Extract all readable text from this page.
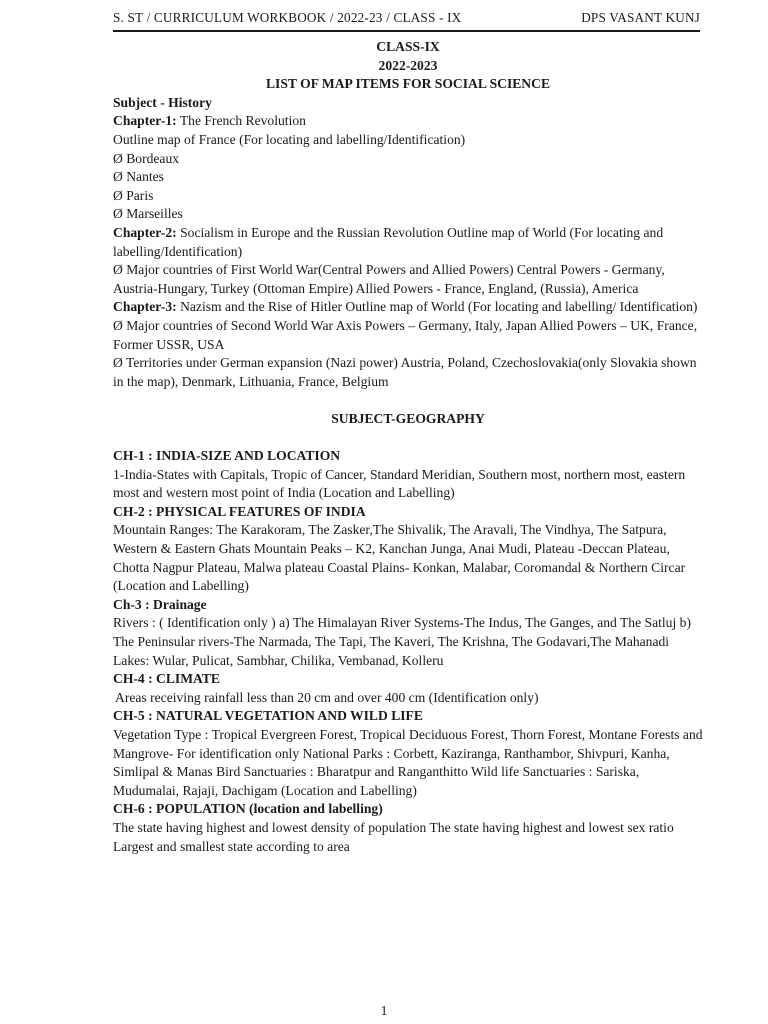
S. ST / CURRICULUM WORKBOOK / 2022-23 / CLASS - IX	DPS VASANT KUNJ

CLASS-IX

2022-2023

LIST OF MAP ITEMS FOR SOCIAL SCIENCE

Subject - History

Chapter-1: The French Revolution

Outline map of France (For locating and labelling/Identification)

Ø Bordeaux

Ø Nantes

Ø Paris

Ø Marseilles

Chapter-2: Socialism in Europe and the Russian Revolution Outline map of World (For locating and labelling/Identification)

Ø Major countries of First World War(Central Powers and Allied Powers) Central Powers - Germany, Austria-Hungary, Turkey (Ottoman Empire) Allied Powers - France, England, (Russia), America

Chapter-3: Nazism and the Rise of Hitler Outline map of World (For locating and labelling/ Identification)

Ø Major countries of Second World War Axis Powers – Germany, Italy, Japan Allied Powers – UK, France, Former USSR, USA

Ø Territories under German expansion (Nazi power) Austria, Poland, Czechoslovakia(only Slovakia shown in the map), Denmark, Lithuania, France, Belgium

SUBJECT-GEOGRAPHY

CH-1 : INDIA-SIZE AND LOCATION

1-India-States with Capitals, Tropic of Cancer, Standard Meridian, Southern most, northern most, eastern most and western most point of India (Location and Labelling)

CH-2 : PHYSICAL FEATURES OF INDIA

Mountain Ranges: The Karakoram, The Zasker,The Shivalik, The Aravali, The Vindhya, The Satpura, Western & Eastern Ghats Mountain Peaks – K2, Kanchan Junga, Anai Mudi, Plateau -Deccan Plateau, Chotta Nagpur Plateau, Malwa plateau Coastal Plains- Konkan, Malabar, Coromandal & Northern Circar (Location and Labelling)

Ch-3 : Drainage

Rivers : ( Identification only ) a) The Himalayan River Systems-The Indus, The Ganges, and The Satluj b) The Peninsular rivers-The Narmada, The Tapi, The Kaveri, The Krishna, The Godavari,The Mahanadi Lakes: Wular, Pulicat, Sambhar, Chilika, Vembanad, Kolleru

CH-4 : CLIMATE

Areas receiving rainfall less than 20 cm and over 400 cm (Identification only)

CH-5 : NATURAL VEGETATION AND WILD LIFE

Vegetation Type : Tropical Evergreen Forest, Tropical Deciduous Forest, Thorn Forest, Montane Forests and Mangrove- For identification only National Parks : Corbett, Kaziranga, Ranthambor, Shivpuri, Kanha, Simlipal & Manas Bird Sanctuaries : Bharatpur and Ranganthitto Wild life Sanctuaries : Sariska, Mudumalai, Rajaji, Dachigam (Location and Labelling)

CH-6 : POPULATION (location and labelling)

The state having highest and lowest density of population The state having highest and lowest sex ratio Largest and smallest state according to area

1
